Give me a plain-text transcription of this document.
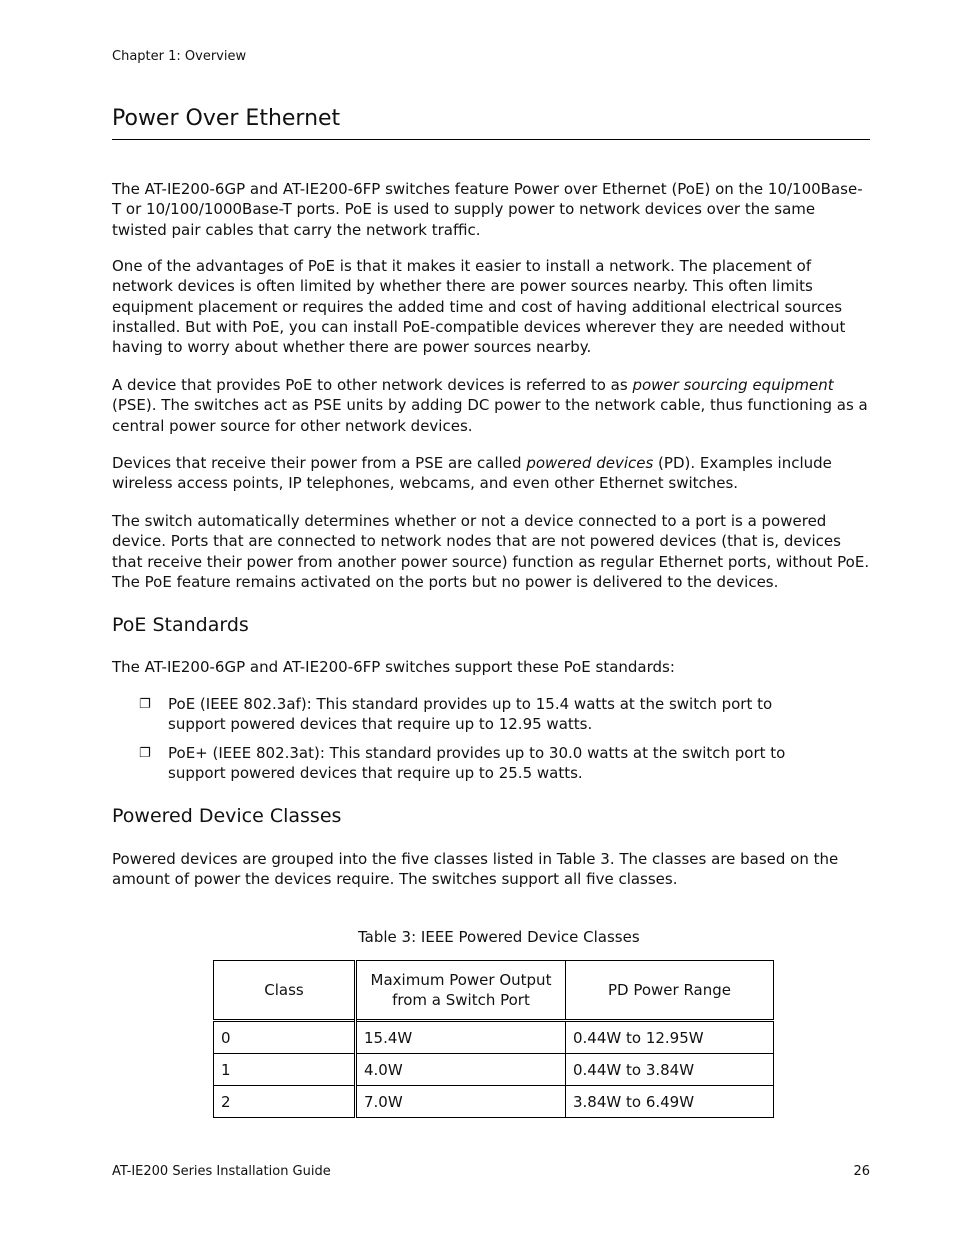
Chapter 1: Overview
Power Over Ethernet

The AT-IE200-6GP and AT-IE200-6FP switches feature Power over Ethernet (PoE) on the 10/100Base-T or 10/100/1000Base-T ports. PoE is used to supply power to network devices over the same twisted pair cables that carry the network traffic.

One of the advantages of PoE is that it makes it easier to install a network. The placement of network devices is often limited by whether there are power sources nearby. This often limits equipment placement or requires the added time and cost of having additional electrical sources installed. But with PoE, you can install PoE-compatible devices wherever they are needed without having to worry about whether there are power sources nearby.

A device that provides PoE to other network devices is referred to as power sourcing equipment (PSE). The switches act as PSE units by adding DC power to the network cable, thus functioning as a central power source for other network devices.

Devices that receive their power from a PSE are called powered devices (PD). Examples include wireless access points, IP telephones, webcams, and even other Ethernet switches.

The switch automatically determines whether or not a device connected to a port is a powered device. Ports that are connected to network nodes that are not powered devices (that is, devices that receive their power from another power source) function as regular Ethernet ports, without PoE. The PoE feature remains activated on the ports but no power is delivered to the devices.

PoE Standards

The AT-IE200-6GP and AT-IE200-6FP switches support these PoE standards:

❐ PoE (IEEE 802.3af): This standard provides up to 15.4 watts at the switch port to support powered devices that require up to 12.95 watts.

❐ PoE+ (IEEE 802.3at): This standard provides up to 30.0 watts at the switch port to support powered devices that require up to 25.5 watts.

Powered Device Classes

Powered devices are grouped into the five classes listed in Table 3. The classes are based on the amount of power the devices require. The switches support all five classes.

Table 3: IEEE Powered Device Classes
Class	Maximum Power Output from a Switch Port	PD Power Range
0	15.4W	0.44W to 12.95W
1	4.0W	0.44W to 3.84W
2	7.0W	3.84W to 6.49W
AT-IE200 Series Installation Guide	26
